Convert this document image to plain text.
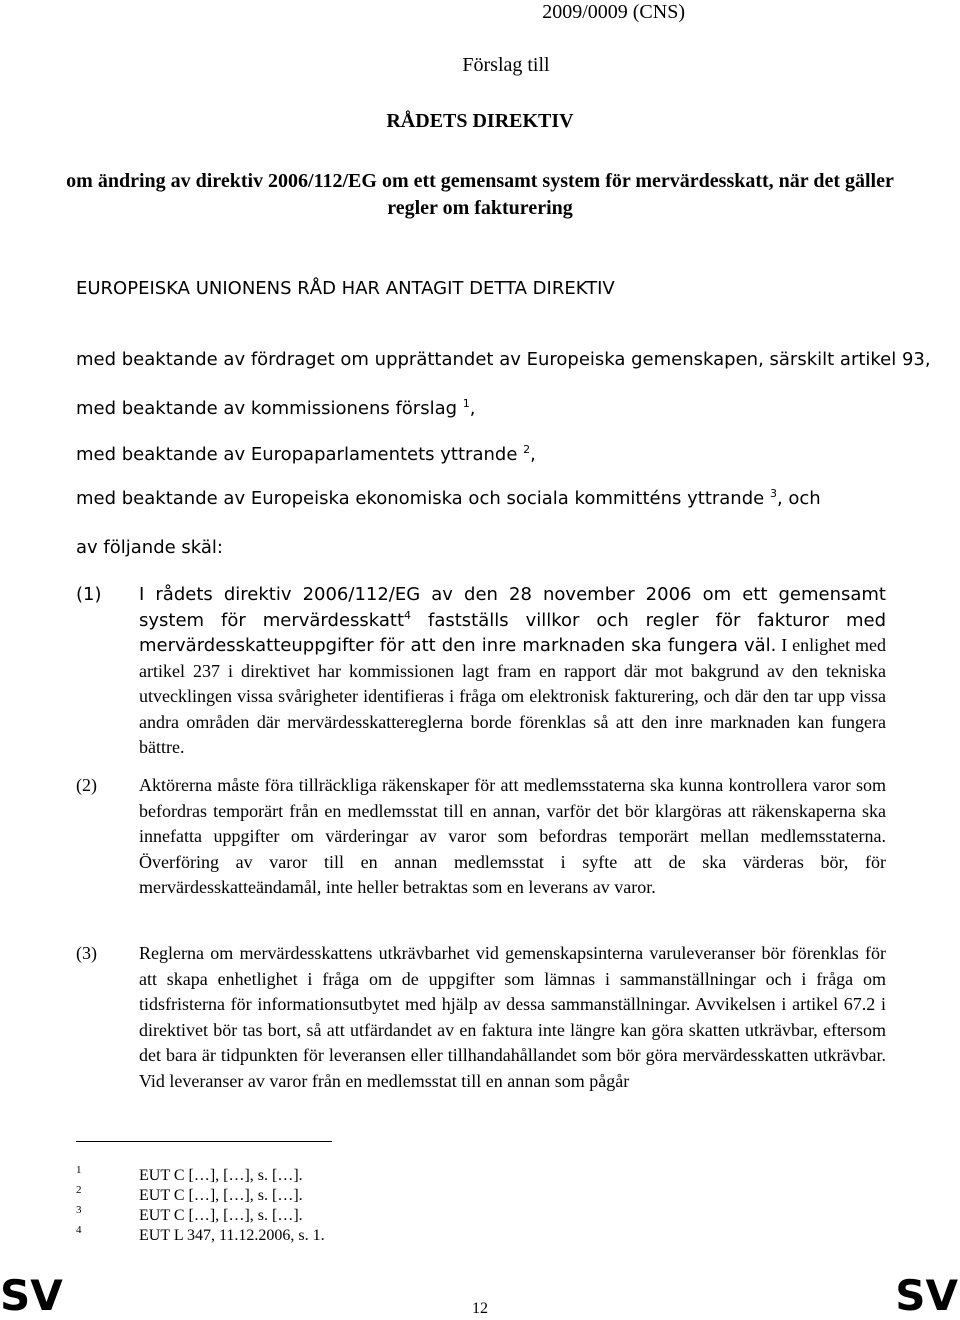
2009/0009 (CNS)
Förslag till
RÅDETS DIREKTIV
om ändring av direktiv 2006/112/EG om ett gemensamt system för mervärdesskatt, när det gäller regler om fakturering
EUROPEISKA UNIONENS RÅD HAR ANTAGIT DETTA DIREKTIV
med beaktande av fördraget om upprättandet av Europeiska gemenskapen, särskilt artikel 93,
med beaktande av kommissionens förslag $^1$,
med beaktande av Europaparlamentets yttrande $^2$,
med beaktande av Europeiska ekonomiska och sociala kommitténs yttrande $^3$, och
av följande skäl:
(1) I rådets direktiv 2006/112/EG av den 28 november 2006 om ett gemensamt system för mervärdesskatt$^4$ fastställs villkor och regler för fakturor med mervärdesskatteuppgifter för att den inre marknaden ska fungera väl. I enlighet med artikel 237 i direktivet har kommissionen lagt fram en rapport där mot bakgrund av den tekniska utvecklingen vissa svårigheter identifieras i fråga om elektronisk fakturering, och där den tar upp vissa andra områden där mervärdesskattereglerna borde förenklas så att den inre marknaden kan fungera bättre.
(2) Aktörerna måste föra tillräckliga räkenskaper för att medlemsstaterna ska kunna kontrollera varor som befordras temporärt från en medlemsstat till en annan, varför det bör klargöras att räkenskaperna ska innefatta uppgifter om värderingar av varor som befordras temporärt mellan medlemsstaterna. Överföring av varor till en annan medlemsstat i syfte att de ska värderas bör, för mervärdesskatteändamål, inte heller betraktas som en leverans av varor.
(3) Reglerna om mervärdesskattens utkrävbarhet vid gemenskapsinterna varuleveranser bör förenklas för att skapa enhetlighet i fråga om de uppgifter som lämnas i sammanställningar och i fråga om tidsfristerna för informationsutbytet med hjälp av dessa sammanställningar. Avvikelsen i artikel 67.2 i direktivet bör tas bort, så att utfärdandet av en faktura inte längre kan göra skatten utkrävbar, eftersom det bara är tidpunkten för leveransen eller tillhandahållandet som bör göra mervärdesskatten utkrävbar. Vid leveranser av varor från en medlemsstat till en annan som pågår
1	EUT C […], […], s. […].
2	EUT C […], […], s. […].
3	EUT C […], […], s. […].
4	EUT L 347, 11.12.2006, s. 1.
SV	12	SV
